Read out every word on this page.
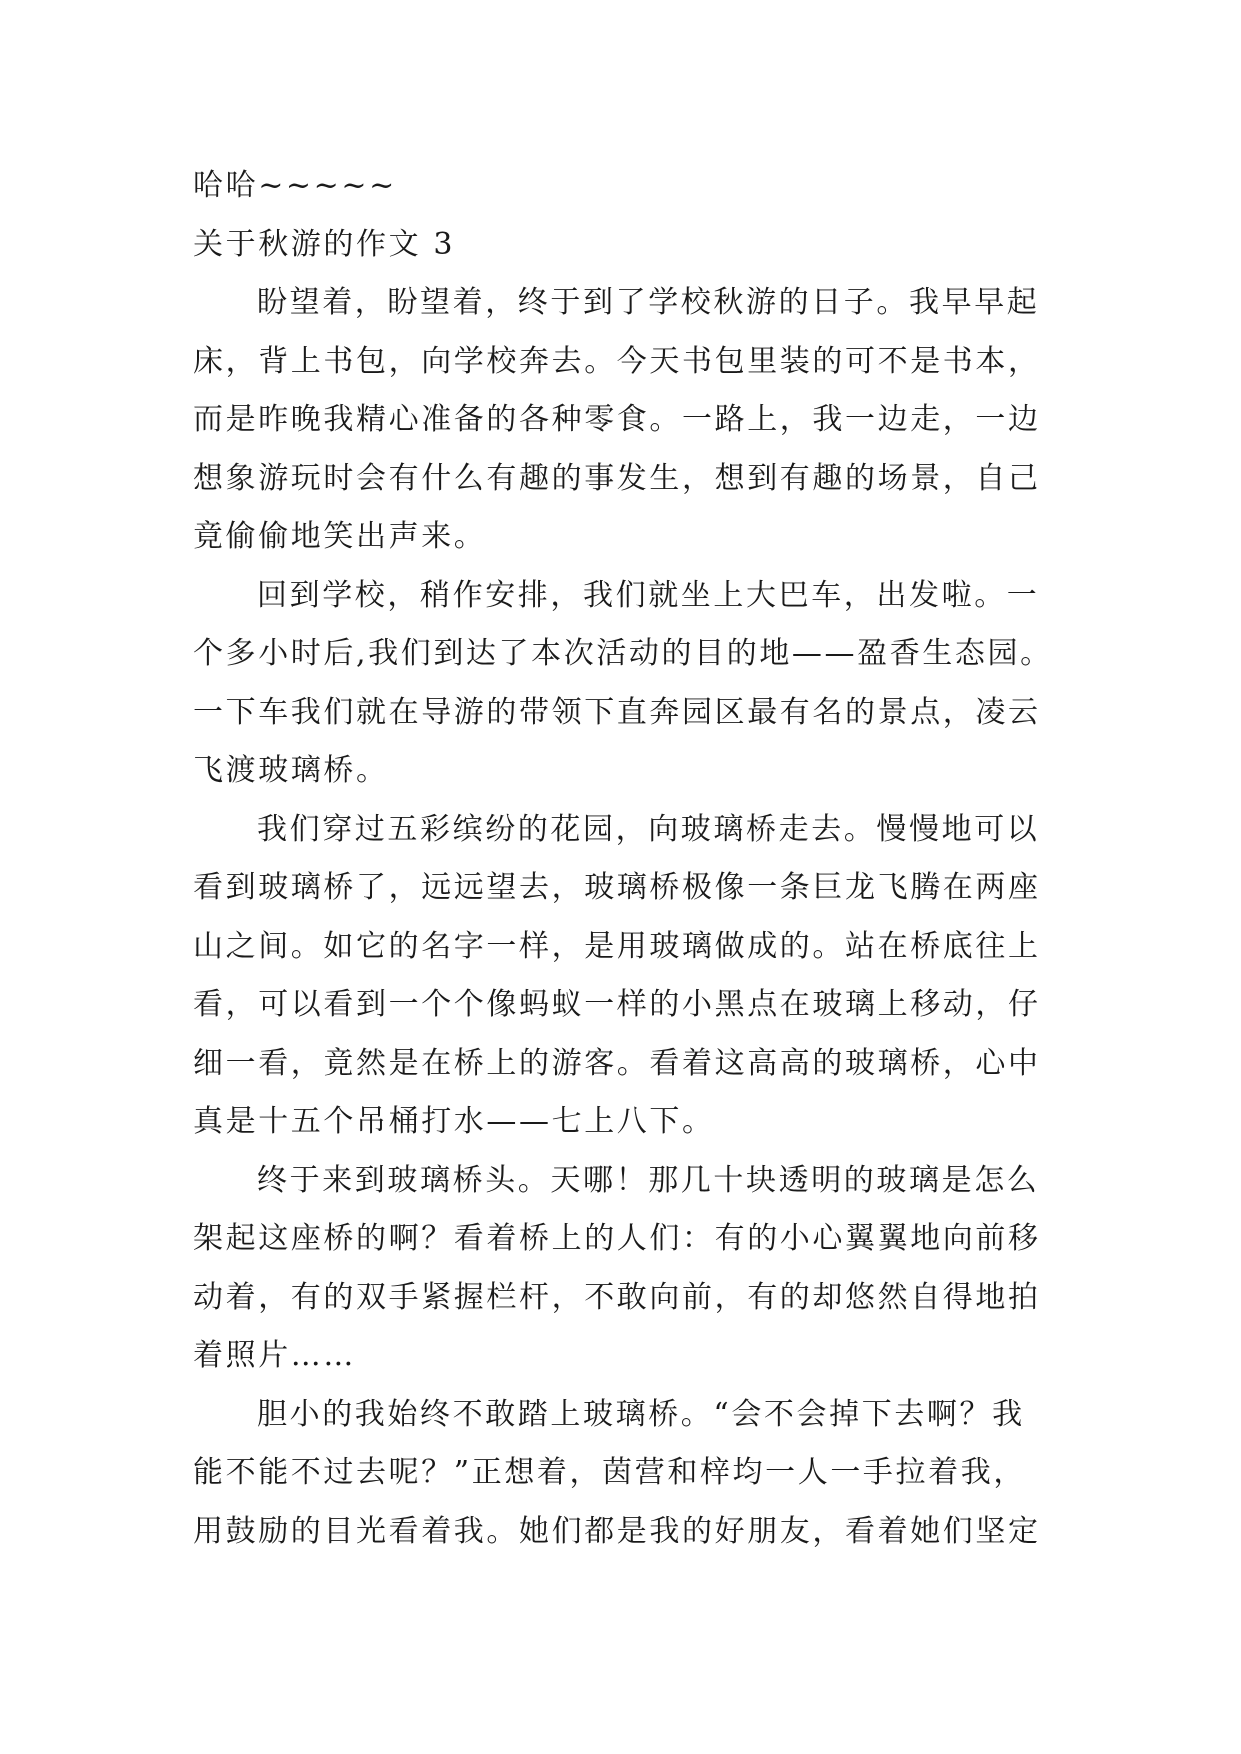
哈哈~~~~~
关于秋游的作文 3
盼望着，盼望着，终于到了学校秋游的日子。我早早起
床，背上书包，向学校奔去。今天书包里装的可不是书本，
而是昨晚我精心准备的各种零食。一路上，我一边走，一边
想象游玩时会有什么有趣的事发生，想到有趣的场景，自己
竟偷偷地笑出声来。
回到学校，稍作安排，我们就坐上大巴车，出发啦。一
个多小时后,我们到达了本次活动的目的地——盈香生态园。
一下车我们就在导游的带领下直奔园区最有名的景点，凌云
飞渡玻璃桥。
我们穿过五彩缤纷的花园，向玻璃桥走去。慢慢地可以
看到玻璃桥了，远远望去，玻璃桥极像一条巨龙飞腾在两座
山之间。如它的名字一样，是用玻璃做成的。站在桥底往上
看，可以看到一个个像蚂蚁一样的小黑点在玻璃上移动，仔
细一看，竟然是在桥上的游客。看着这高高的玻璃桥，心中
真是十五个吊桶打水——七上八下。
终于来到玻璃桥头。天哪！那几十块透明的玻璃是怎么
架起这座桥的啊？看着桥上的人们：有的小心翼翼地向前移
动着，有的双手紧握栏杆，不敢向前，有的却悠然自得地拍
着照片……
胆小的我始终不敢踏上玻璃桥。“会不会掉下去啊？我
能不能不过去呢？”正想着，茵营和梓均一人一手拉着我，
用鼓励的目光看着我。她们都是我的好朋友，看着她们坚定
